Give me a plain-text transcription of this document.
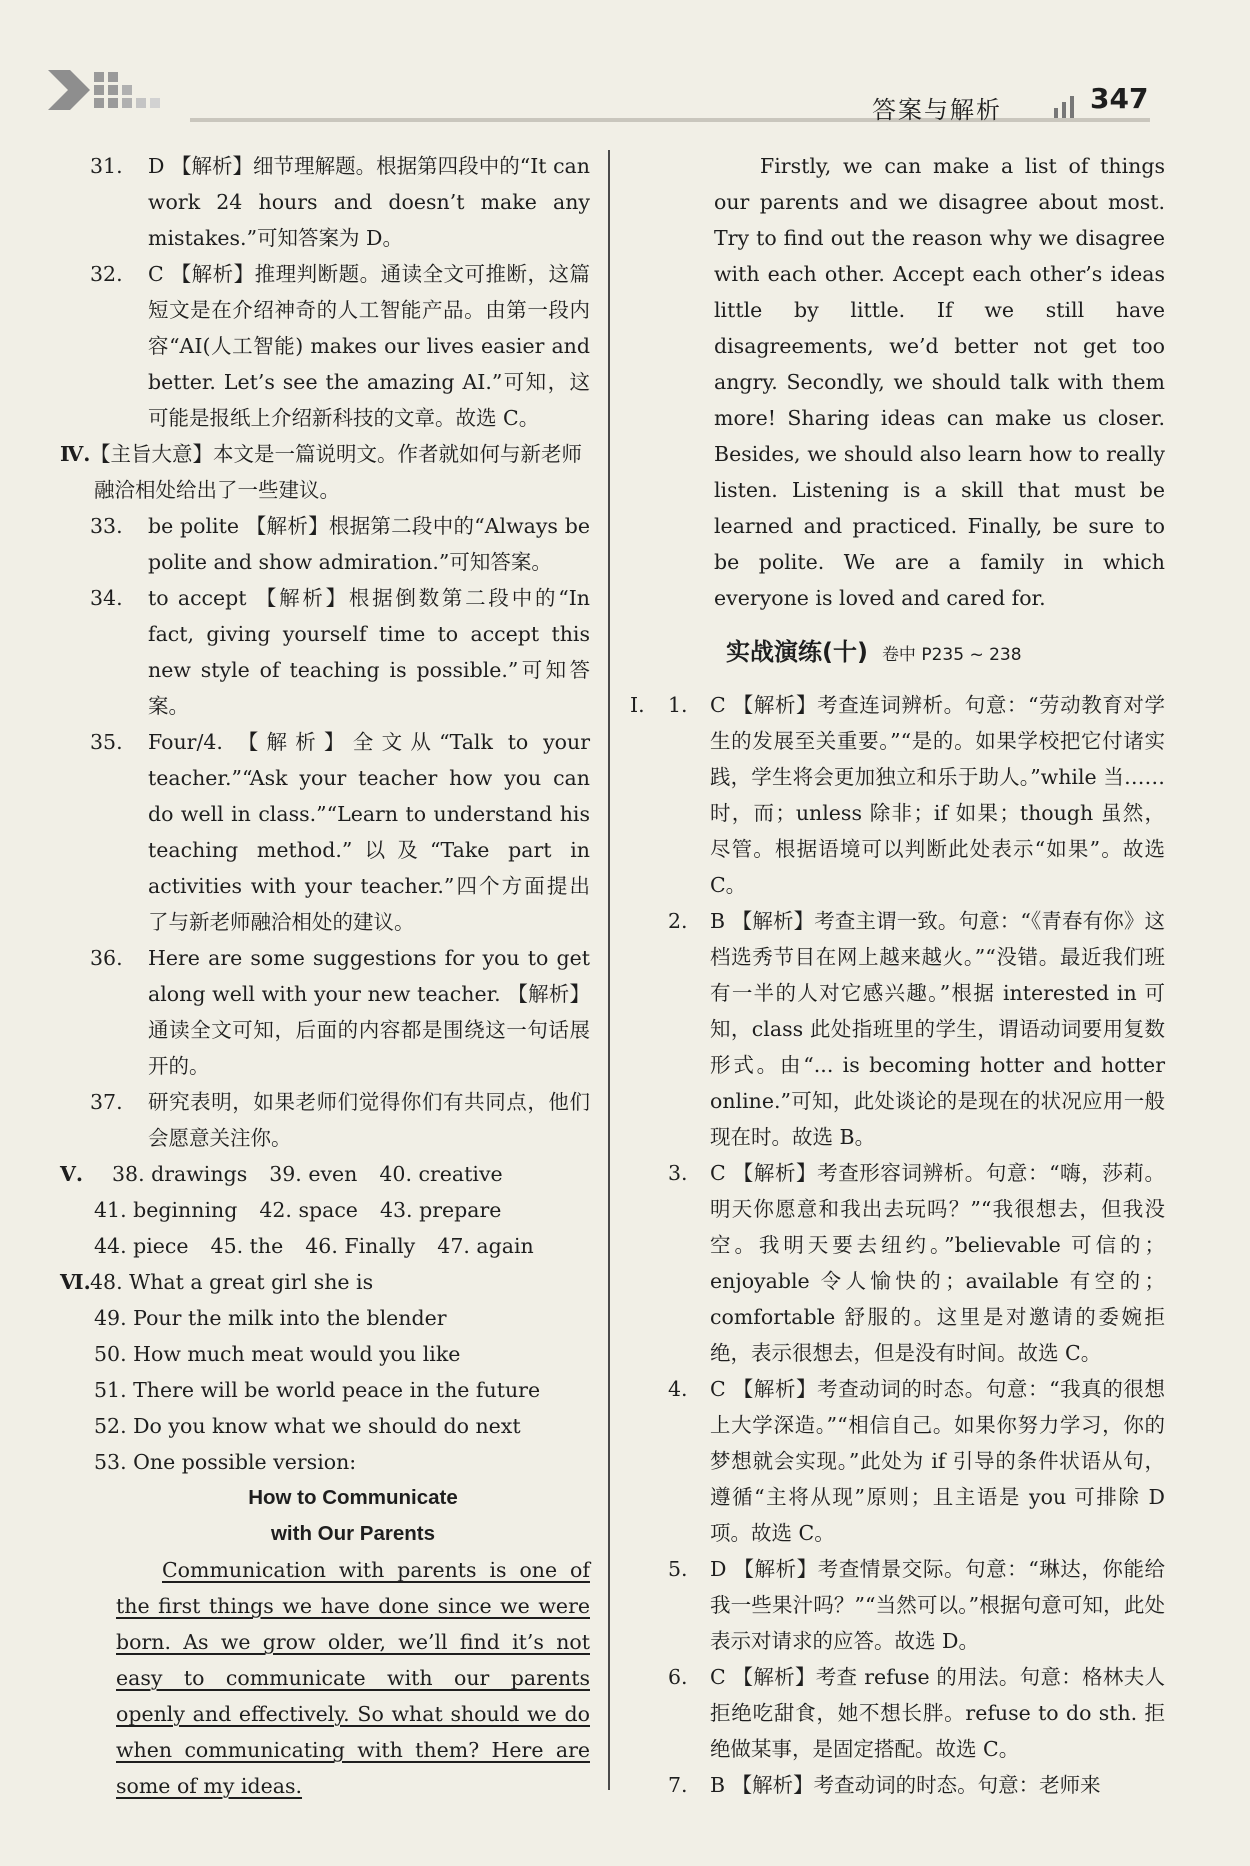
答案与解析	347
31.	D 【解析】细节理解题。根据第四段中的“It can work 24 hours and doesn’t make any mistakes.”可知答案为 D。
32.	C 【解析】推理判断题。通读全文可推断，这篇短文是在介绍神奇的人工智能产品。由第一段内容“AI(人工智能) makes our lives easier and better. Let’s see the amazing AI.”可知，这可能是报纸上介绍新科技的文章。故选 C。
Ⅳ.【主旨大意】本文是一篇说明文。作者就如何与新老师融洽相处给出了一些建议。
33.	be polite 【解析】根据第二段中的“Always be polite and show admiration.”可知答案。
34.	to accept 【解析】根据倒数第二段中的“In fact, giving yourself time to accept this new style of teaching is possible.”可知答案。
35.	Four/4. 【解析】全文从“Talk to your teacher.”“Ask your teacher how you can do well in class.”“Learn to understand his teaching method.”以及“Take part in activities with your teacher.”四个方面提出了与新老师融洽相处的建议。
36.	Here are some suggestions for you to get along well with your new teacher. 【解析】通读全文可知，后面的内容都是围绕这一句话展开的。
37.	研究表明，如果老师们觉得你们有共同点，他们会愿意关注你。
Ⅴ. 38. drawings 39. even 40. creative
41. beginning 42. space 43. prepare
44. piece 45. the 46. Finally 47. again
Ⅵ.48. What a great girl she is
49. Pour the milk into the blender
50. How much meat would you like
51. There will be world peace in the future
52. Do you know what we should do next
53. One possible version:
How to Communicate
with Our Parents
Communication with parents is one of the first things we have done since we were born. As we grow older, we’ll find it’s not easy to communicate with our parents openly and effectively. So what should we do when communicating with them? Here are some of my ideas.
Firstly, we can make a list of things our parents and we disagree about most. Try to find out the reason why we disagree with each other. Accept each other’s ideas little by little. If we still have disagreements, we’d better not get too angry. Secondly, we should talk with them more! Sharing ideas can make us closer. Besides, we should also learn how to really listen. Listening is a skill that must be learned and practiced. Finally, be sure to be polite. We are a family in which everyone is loved and cared for.
实战演练(十) 卷中 P235 ~ 238
Ⅰ.	1.	C 【解析】考查连词辨析。句意：“劳动教育对学生的发展至关重要。”“是的。如果学校把它付诸实践，学生将会更加独立和乐于助人。”while 当……时，而；unless 除非；if 如果；though 虽然，尽管。根据语境可以判断此处表示“如果”。故选 C。
2.	B 【解析】考查主谓一致。句意：“《青春有你》这档选秀节目在网上越来越火。”“没错。最近我们班有一半的人对它感兴趣。”根据 interested in 可知，class 此处指班里的学生，谓语动词要用复数形式。由“... is becoming hotter and hotter online.”可知，此处谈论的是现在的状况应用一般现在时。故选 B。
3.	C 【解析】考查形容词辨析。句意：“嗨，莎莉。明天你愿意和我出去玩吗？”“我很想去，但我没空。我明天要去纽约。”believable 可信的；enjoyable 令人愉快的；available 有空的；comfortable 舒服的。这里是对邀请的委婉拒绝，表示很想去，但是没有时间。故选 C。
4.	C 【解析】考查动词的时态。句意：“我真的很想上大学深造。”“相信自己。如果你努力学习，你的梦想就会实现。”此处为 if 引导的条件状语从句，遵循“主将从现”原则；且主语是 you 可排除 D 项。故选 C。
5.	D 【解析】考查情景交际。句意：“琳达，你能给我一些果汁吗？”“当然可以。”根据句意可知，此处表示对请求的应答。故选 D。
6.	C 【解析】考查 refuse 的用法。句意：格林夫人拒绝吃甜食，她不想长胖。refuse to do sth. 拒绝做某事，是固定搭配。故选 C。
7.	B 【解析】考查动词的时态。句意：老师来
